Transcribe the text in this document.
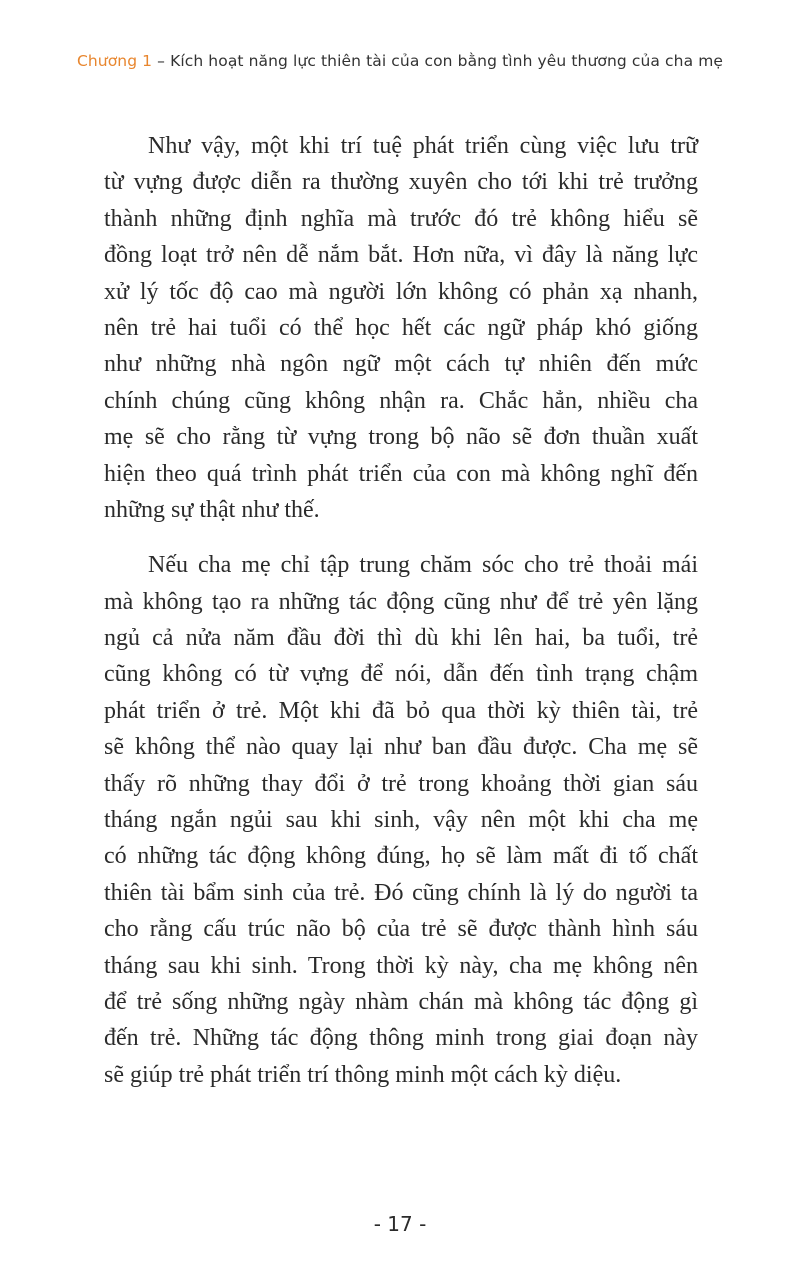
Chương 1 – Kích hoạt năng lực thiên tài của con bằng tình yêu thương của cha mẹ
Như vậy, một khi trí tuệ phát triển cùng việc lưu trữ
từ vựng được diễn ra thường xuyên cho tới khi trẻ trưởng
thành những định nghĩa mà trước đó trẻ không hiểu sẽ
đồng loạt trở nên dễ nắm bắt. Hơn nữa, vì đây là năng lực
xử lý tốc độ cao mà người lớn không có phản xạ nhanh,
nên trẻ hai tuổi có thể học hết các ngữ pháp khó giống
như những nhà ngôn ngữ một cách tự nhiên đến mức
chính chúng cũng không nhận ra. Chắc hẳn, nhiều cha
mẹ sẽ cho rằng từ vựng trong bộ não sẽ đơn thuần xuất
hiện theo quá trình phát triển của con mà không nghĩ đến
những sự thật như thế.
Nếu cha mẹ chỉ tập trung chăm sóc cho trẻ thoải mái
mà không tạo ra những tác động cũng như để trẻ yên lặng
ngủ cả nửa năm đầu đời thì dù khi lên hai, ba tuổi, trẻ
cũng không có từ vựng để nói, dẫn đến tình trạng chậm
phát triển ở trẻ. Một khi đã bỏ qua thời kỳ thiên tài, trẻ
sẽ không thể nào quay lại như ban đầu được. Cha mẹ sẽ
thấy rõ những thay đổi ở trẻ trong khoảng thời gian sáu
tháng ngắn ngủi sau khi sinh, vậy nên một khi cha mẹ
có những tác động không đúng, họ sẽ làm mất đi tố chất
thiên tài bẩm sinh của trẻ. Đó cũng chính là lý do người ta
cho rằng cấu trúc não bộ của trẻ sẽ được thành hình sáu
tháng sau khi sinh. Trong thời kỳ này, cha mẹ không nên
để trẻ sống những ngày nhàm chán mà không tác động gì
đến trẻ. Những tác động thông minh trong giai đoạn này
sẽ giúp trẻ phát triển trí thông minh một cách kỳ diệu.
- 17 -
